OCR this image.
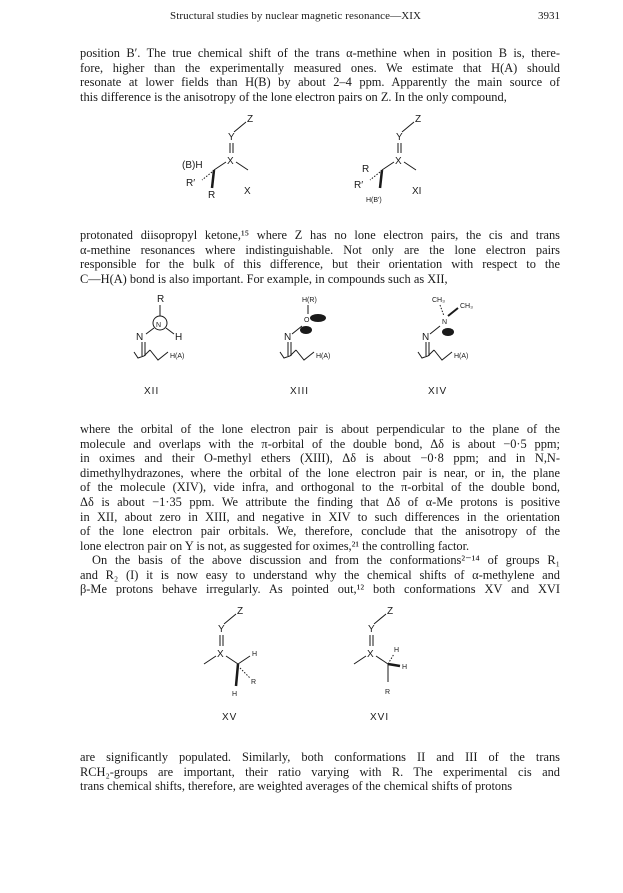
Structural studies by nuclear magnetic resonance—XIX	3931

position B′. The true chemical shift of the trans α-methine when in position B is, there-
fore, higher than the experimentally measured ones. We estimate that H(A) should
resonate at lower fields than H(B) by about 2–4 ppm. Apparently the main source of
this difference is the anisotropy of the lone electron pairs on Z. In the only compound,

Y
Z
X
(B)H
R′
R	X
Y
Z
X
R
R′
H(B′)
XI

protonated diisopropyl ketone,¹⁵ where Z has no lone electron pairs, the cis and trans
α-methine resonances where indistinguishable. Not only are the lone electron pairs
responsible for the bulk of this difference, but their orientation with respect to the
C—H(A) bond is also important. For example, in compounds such as XII,

R
N
N	H
H(A)
XII
H(R)
O
N
H(A)
XIII
CH₃
CH₃
N
N
H(A)
XIV

where the orbital of the lone electron pair is about perpendicular to the plane of the
molecule and overlaps with the π-orbital of the double bond, Δδ is about −0·5 ppm;
in oximes and their O-methyl ethers (XIII), Δδ is about −0·8 ppm; and in N,N-
dimethylhydrazones, where the orbital of the lone electron pair is near, or in, the plane
of the molecule (XIV), vide infra, and orthogonal to the π-orbital of the double bond,
Δδ is about −1·35 ppm. We attribute the finding that Δδ of α-Me protons is positive
in XII, about zero in XIII, and negative in XIV to such differences in the orientation
of the lone electron pair orbitals. We, therefore, conclude that the anisotropy of the
lone electron pair on Y is not, as suggested for oximes,²¹ the controlling factor.

On the basis of the above discussion and from the conformations²⁻¹⁴ of groups R₁
and R₂ (I) it is now easy to understand why the chemical shifts of α-methylene and
β-Me protons behave irregularly. As pointed out,¹² both conformations XV and XVI

Y
Z
X	H
R
H
XV
Y
Z
X	H
H
R
XVI

are significantly populated. Similarly, both conformations II and III of the trans
RCH₂-groups are important, their ratio varying with R. The experimental cis and
trans chemical shifts, therefore, are weighted averages of the chemical shifts of protons
